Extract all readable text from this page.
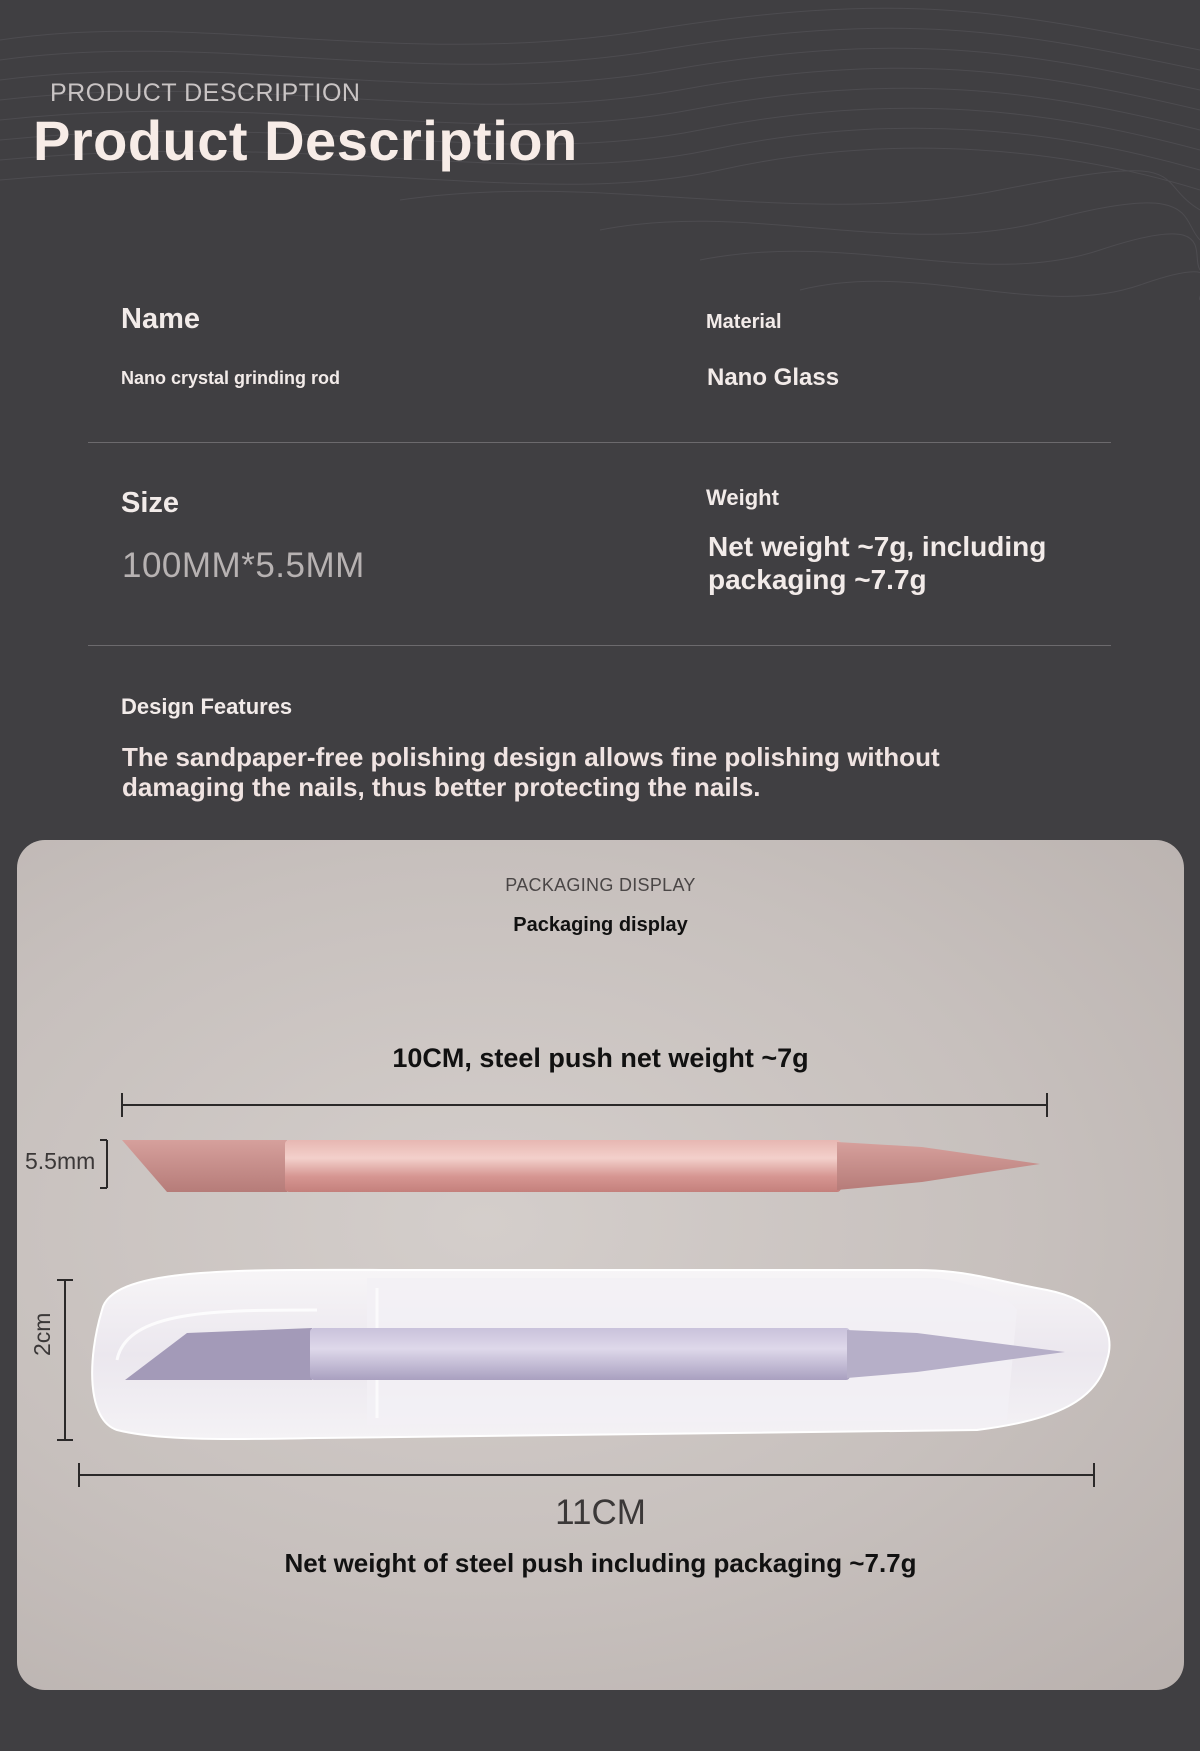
PRODUCT DESCRIPTION
Product Description
Name
Nano crystal grinding rod
Material
Nano Glass
Size
100MM*5.5MM
Weight
Net weight ~7g, including packaging ~7.7g
Design Features
The sandpaper-free polishing design allows fine polishing without damaging the nails, thus better protecting the nails.
PACKAGING DISPLAY
Packaging display
10CM, steel push net weight ~7g
5.5mm
2cm
11CM
Net weight of steel push including packaging ~7.7g
